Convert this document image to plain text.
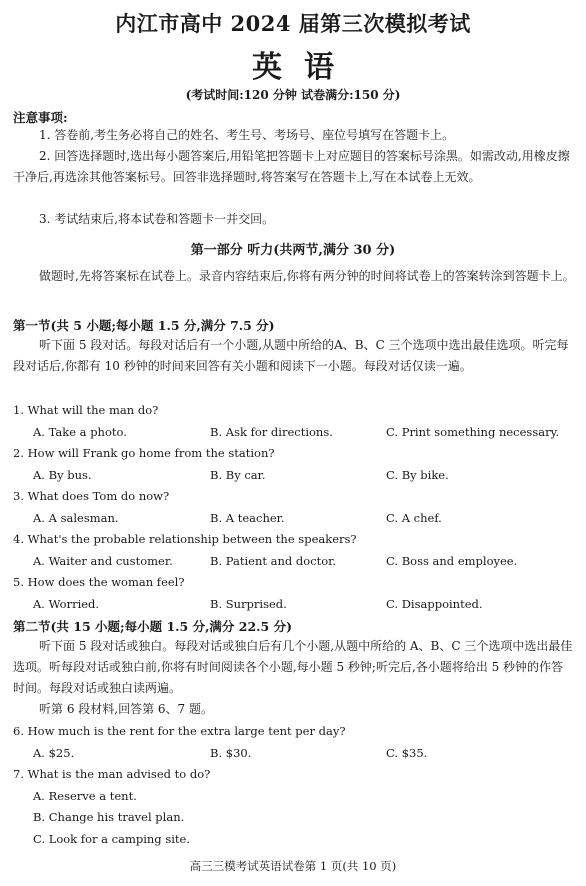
内江市高中 2024 届第三次模拟考试
英语
(考试时间:120 分钟 试卷满分:150 分)
注意事项:

1. 答卷前,考生务必将自己的姓名、考生号、考场号、座位号填写在答题卡上。

2. 回答选择题时,选出每小题答案后,用铅笔把答题卡上对应题目的答案标号涂黑。如需改动,用橡皮擦干净后,再选涂其他答案标号。回答非选择题时,将答案写在答题卡上,写在本试卷上无效。

3. 考试结束后,将本试卷和答题卡一并交回。

第一部分 听力(共两节,满分 30 分)

做题时,先将答案标在试卷上。录音内容结束后,你将有两分钟的时间将试卷上的答案转涂到答题卡上。

第一节(共 5 小题;每小题 1.5 分,满分 7.5 分)

听下面 5 段对话。每段对话后有一个小题,从题中所给的A、B、C 三个选项中选出最佳选项。听完每段对话后,你都有 10 秒钟的时间来回答有关小题和阅读下一小题。每段对话仅读一遍。

1. What will the man do?
A. Take a photo.	B. Ask for directions.	C. Print something necessary.
2. How will Frank go home from the station?
A. By bus.	B. By car.	C. By bike.
3. What does Tom do now?
A. A salesman.	B. A teacher.	C. A chef.
4. What's the probable relationship between the speakers?
A. Waiter and customer.	B. Patient and doctor.	C. Boss and employee.
5. How does the woman feel?
A. Worried.	B. Surprised.	C. Disappointed.
第二节(共 15 小题;每小题 1.5 分,满分 22.5 分)

听下面 5 段对话或独白。每段对话或独白后有几个小题,从题中所给的 A、B、C 三个选项中选出最佳选项。听每段对话或独白前,你将有时间阅读各个小题,每小题 5 秒钟;听完后,各小题将给出 5 秒钟的作答时间。每段对话或独白读两遍。

听第 6 段材料,回答第 6、7 题。

6. How much is the rent for the extra large tent per day?
A. $25.	B. $30.	C. $35.
7. What is the man advised to do?
A. Reserve a tent.
B. Change his travel plan.
C. Look for a camping site.
高三三模考试英语试卷第 1 页(共 10 页)
